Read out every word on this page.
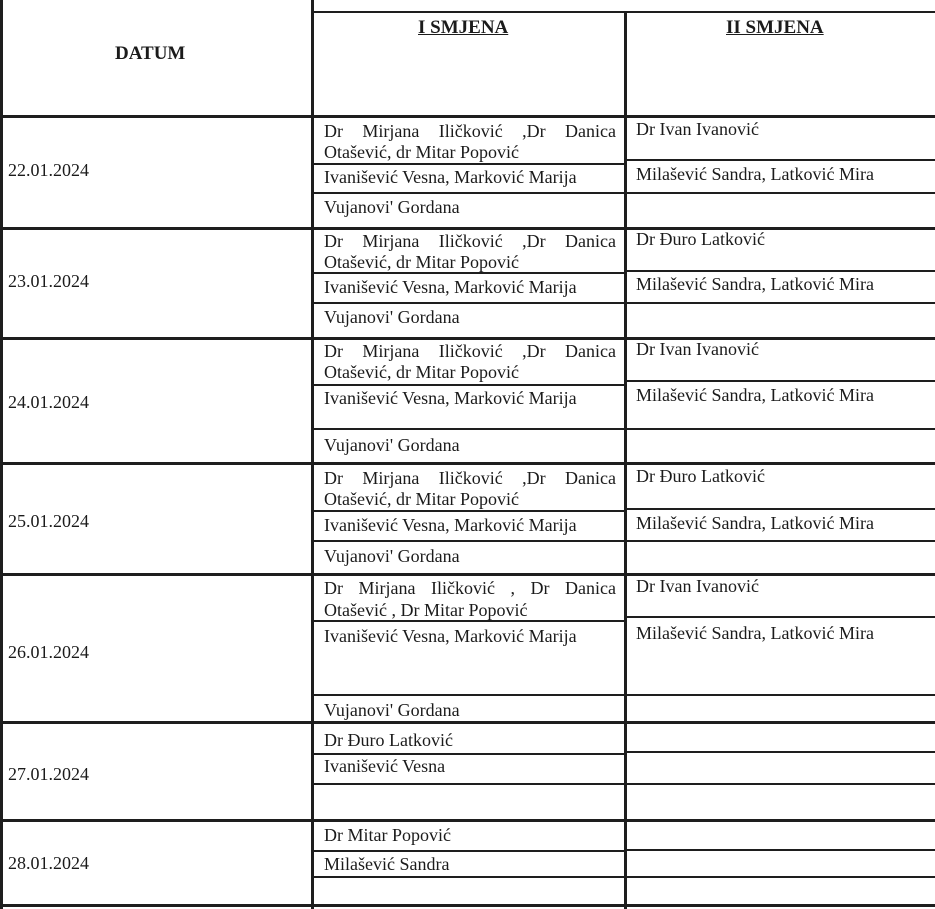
DATUM
I SMJENA	II SMJENA
22.01.2024
Dr Mirjana Iličković ,Dr Danica
Otašević, dr Mitar Popović
Ivanišević Vesna, Marković Marija
Vujanovi' Gordana
Dr Ivan Ivanović
Milašević Sandra, Latković Mira
23.01.2024
Dr Mirjana Iličković ,Dr Danica
Otašević, dr Mitar Popović
Ivanišević Vesna, Marković Marija
Vujanovi' Gordana
Dr Đuro Latković
Milašević Sandra, Latković Mira
24.01.2024
Dr Mirjana Iličković ,Dr Danica
Otašević, dr Mitar Popović
Ivanišević Vesna, Marković Marija
Vujanovi' Gordana
Dr Ivan Ivanović
Milašević Sandra, Latković Mira
25.01.2024
Dr Mirjana Iličković ,Dr Danica
Otašević, dr Mitar Popović
Ivanišević Vesna, Marković Marija
Vujanovi' Gordana
Dr Đuro Latković
Milašević Sandra, Latković Mira
26.01.2024
Dr Mirjana Iličković , Dr Danica
Otašević , Dr Mitar Popović
Ivanišević Vesna, Marković Marija
Vujanovi' Gordana
Dr Ivan Ivanović
Milašević Sandra, Latković Mira
27.01.2024
Dr Đuro Latković
Ivanišević Vesna
28.01.2024
Dr Mitar Popović
Milašević Sandra
